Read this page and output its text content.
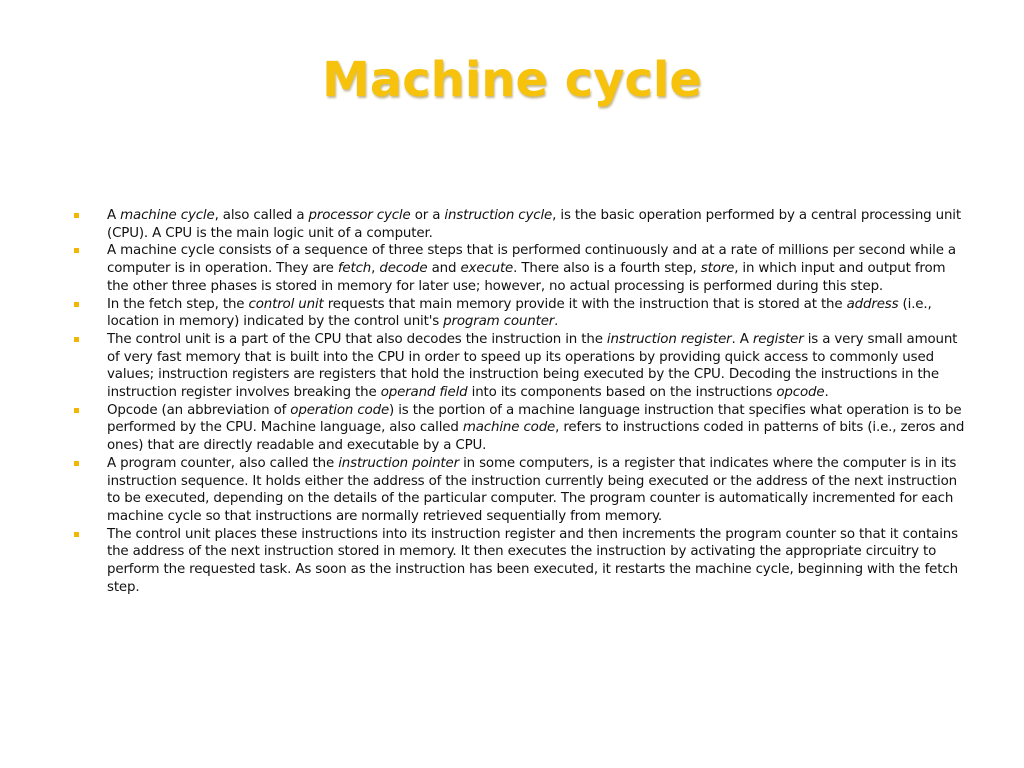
Machine cycle
A machine cycle, also called a processor cycle or a instruction cycle, is the basic operation performed by a central processing unit (CPU). A CPU is the main logic unit of a computer.
A machine cycle consists of a sequence of three steps that is performed continuously and at a rate of millions per second while a computer is in operation. They are fetch, decode and execute. There also is a fourth step, store, in which input and output from the other three phases is stored in memory for later use; however, no actual processing is performed during this step.
In the fetch step, the control unit requests that main memory provide it with the instruction that is stored at the address (i.e., location in memory) indicated by the control unit's program counter.
The control unit is a part of the CPU that also decodes the instruction in the instruction register. A register is a very small amount of very fast memory that is built into the CPU in order to speed up its operations by providing quick access to commonly used values; instruction registers are registers that hold the instruction being executed by the CPU. Decoding the instructions in the instruction register involves breaking the operand field into its components based on the instructions opcode.
Opcode (an abbreviation of operation code) is the portion of a machine language instruction that specifies what operation is to be performed by the CPU. Machine language, also called machine code, refers to instructions coded in patterns of bits (i.e., zeros and ones) that are directly readable and executable by a CPU.
A program counter, also called the instruction pointer in some computers, is a register that indicates where the computer is in its instruction sequence. It holds either the address of the instruction currently being executed or the address of the next instruction to be executed, depending on the details of the particular computer. The program counter is automatically incremented for each machine cycle so that instructions are normally retrieved sequentially from memory.
The control unit places these instructions into its instruction register and then increments the program counter so that it contains the address of the next instruction stored in memory. It then executes the instruction by activating the appropriate circuitry to perform the requested task. As soon as the instruction has been executed, it restarts the machine cycle, beginning with the fetch step.
